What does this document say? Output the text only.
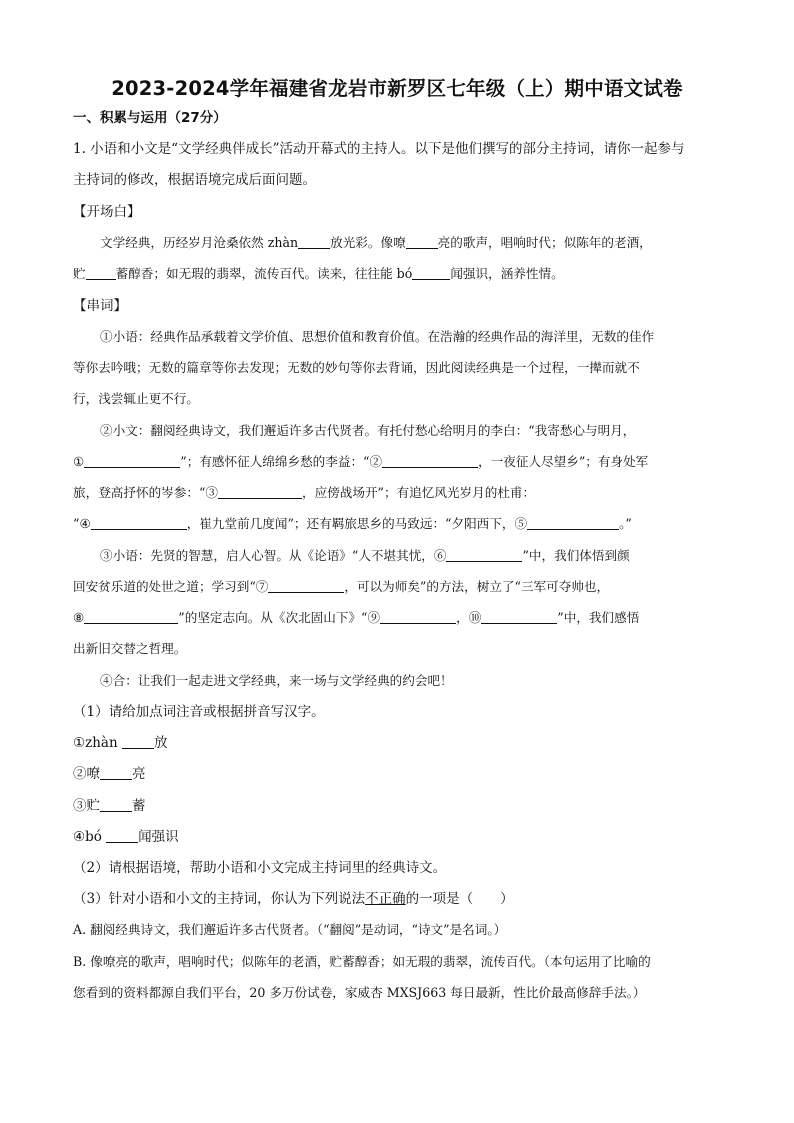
2023-2024学年福建省龙岩市新罗区七年级（上）期中语文试卷
一、积累与运用（27分）
1. 小语和小文是“文学经典伴成长”活动开幕式的主持人。以下是他们撰写的部分主持词，请你一起参与
主持词的修改，根据语境完成后面问题。
【开场白】
文学经典，历经岁月沧桑依然 zhàn	放光彩。像嘹	亮的歌声，唱响时代；似陈年的老酒，
贮 蓄醇香；如无瑕的翡翠，流传百代。读来，往往能 bó	闻强识，涵养性情。
【串词】
①小语：经典作品承载着文学价值、思想价值和教育价值。在浩瀚的经典作品的海洋里，无数的佳作
等你去吟哦；无数的篇章等你去发现；无数的妙句等你去背诵，因此阅读经典是一个过程，一撵而就不
行，浅尝辄止更不行。
②小文：翻阅经典诗文，我们邂逅许多古代贤者。有托付愁心给明月的李白：“我寄愁心与明月，
①	”；有感怀征人绵绵乡愁的李益：“②	，一夜征人尽望乡”；有身处军
旅，登高抒怀的岑参：“③	，应傍战场开”；有追忆风光岁月的杜甫：
“④	，崔九堂前几度闻”；还有羁旅思乡的马致远：“夕阳西下，⑤	。”
③小语：先贤的智慧，启人心智。从《论语》“人不堪其忧，⑥	”中，我们体悟到颜
回安贫乐道的处世之道；学习到“⑦	，可以为师矣”的方法，树立了“三军可夺帅也，
⑧	”的坚定志向。从《次北固山下》“⑨	，⑩	”中，我们感悟
出新旧交替之哲理。
④合：让我们一起走进文学经典，来一场与文学经典的约会吧！
（1）请给加点词注音或根据拼音写汉字。
①zhàn 放
②嘹 亮
③贮 蓄
④bó 闻强识
（2）请根据语境，帮助小语和小文完成主持词里的经典诗文。
（3）针对小语和小文的主持词，你认为下列说法不正确的一项是（　　）
A. 翻阅经典诗文，我们邂逅许多古代贤者。（“翻阅”是动词，“诗文”是名词。）
B. 像嘹亮的歌声，唱响时代；似陈年的老酒，贮蓄醇香；如无瑕的翡翠，流传百代。（本句运用了比喻的
您看到的资料都源自我们平台，20 多万份试卷，家威杏 MXSJ663 每日最新，性比价最高修辞手法。）
